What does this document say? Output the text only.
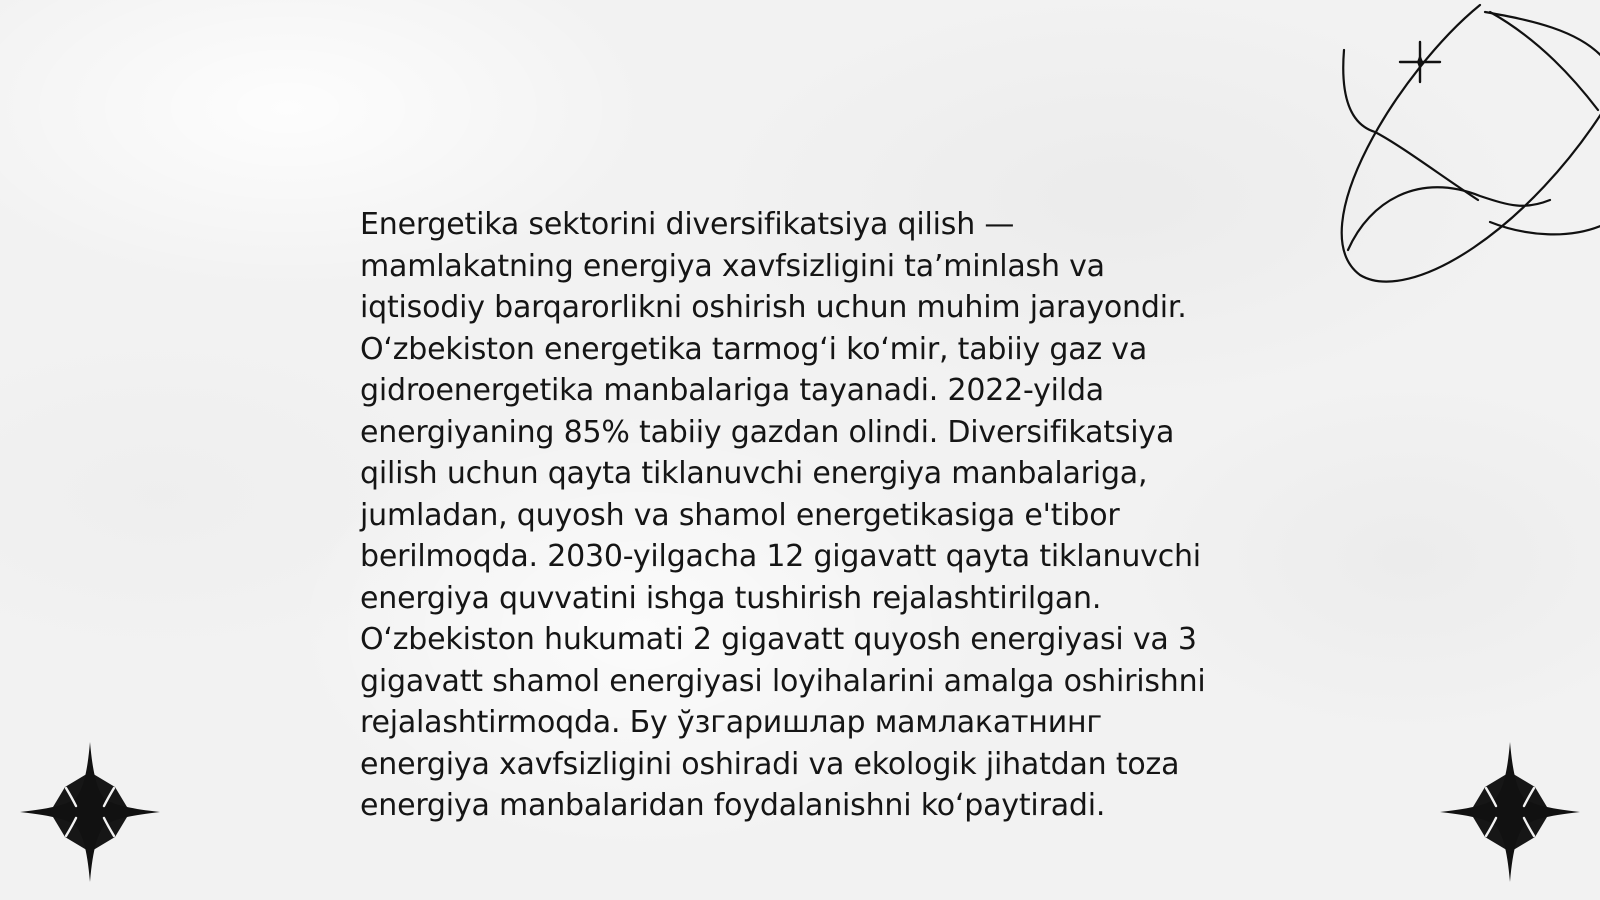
Energetika sektorini diversifikatsiya qilish — mamlakatning energiya xavfsizligini taʼminlash va iqtisodiy barqarorlikni oshirish uchun muhim jarayondir. Oʻzbekiston energetika tarmogʻi koʻmir, tabiiy gaz va gidroenergetika manbalariga tayanadi. 2022-yilda energiyaning 85% tabiiy gazdan olindi. Diversifikatsiya qilish uchun qayta tiklanuvchi energiya manbalariga, jumladan, quyosh va shamol energetikasiga e'tibor berilmoqda. 2030-yilgacha 12 gigavatt qayta tiklanuvchi energiya quvvatini ishga tushirish rejalashtirilgan. Oʻzbekiston hukumati 2 gigavatt quyosh energiyasi va 3 gigavatt shamol energiyasi loyihalarini amalga oshirishni rejalashtirmoqda. Бу ўзгаришлар мамлакатнинг energiya xavfsizligini oshiradi va ekologik jihatdan toza energiya manbalaridan foydalanishni koʻpaytiradi.
